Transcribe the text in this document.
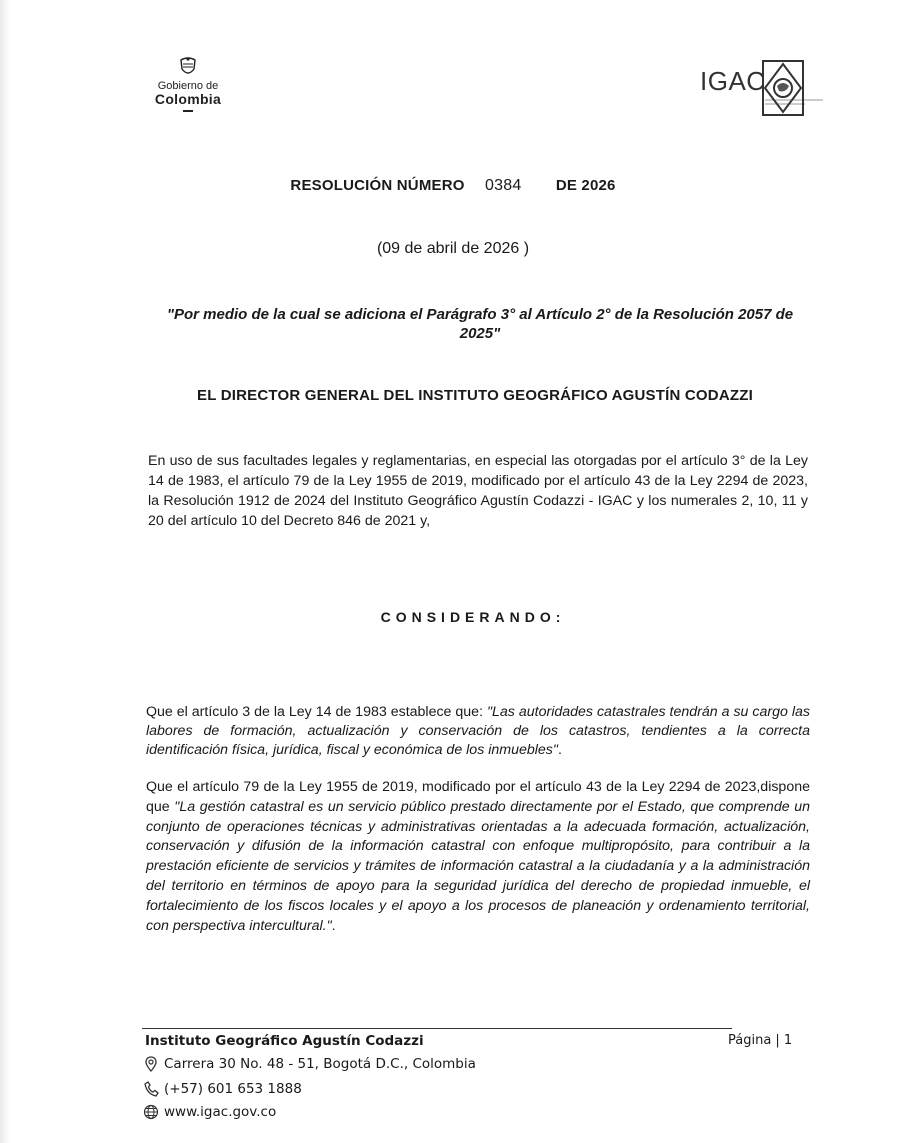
Gobierno de
Colombia
IGAC
RESOLUCIÓN NÚMERO 0384 DE 2026
(09 de abril de 2026 )
"Por medio de la cual se adiciona el Parágrafo 3° al Artículo 2° de la Resolución 2057 de 2025"
EL DIRECTOR GENERAL DEL INSTITUTO GEOGRÁFICO AGUSTÍN CODAZZI
En uso de sus facultades legales y reglamentarias, en especial las otorgadas por el artículo 3° de la Ley 14 de 1983, el artículo 79 de la Ley 1955 de 2019, modificado por el artículo 43 de la Ley 2294 de 2023, la Resolución 1912 de 2024 del Instituto Geográfico Agustín Codazzi - IGAC y los numerales 2, 10, 11 y 20 del artículo 10 del Decreto 846 de 2021 y,
CONSIDERANDO:
Que el artículo 3 de la Ley 14 de 1983 establece que: "Las autoridades catastrales tendrán a su cargo las labores de formación, actualización y conservación de los catastros, tendientes a la correcta identificación física, jurídica, fiscal y económica de los inmuebles".
Que el artículo 79 de la Ley 1955 de 2019, modificado por el artículo 43 de la Ley 2294 de 2023,dispone que "La gestión catastral es un servicio público prestado directamente por el Estado, que comprende un conjunto de operaciones técnicas y administrativas orientadas a la adecuada formación, actualización, conservación y difusión de la información catastral con enfoque multipropósito, para contribuir a la prestación eficiente de servicios y trámites de información catastral a la ciudadanía y a la administración del territorio en términos de apoyo para la seguridad jurídica del derecho de propiedad inmueble, el fortalecimiento de los fiscos locales y el apoyo a los procesos de planeación y ordenamiento territorial, con perspectiva intercultural.".
Instituto Geográfico Agustín Codazzi	Página | 1
Carrera 30 No. 48 - 51, Bogotá D.C., Colombia
(+57) 601 653 1888
www.igac.gov.co
